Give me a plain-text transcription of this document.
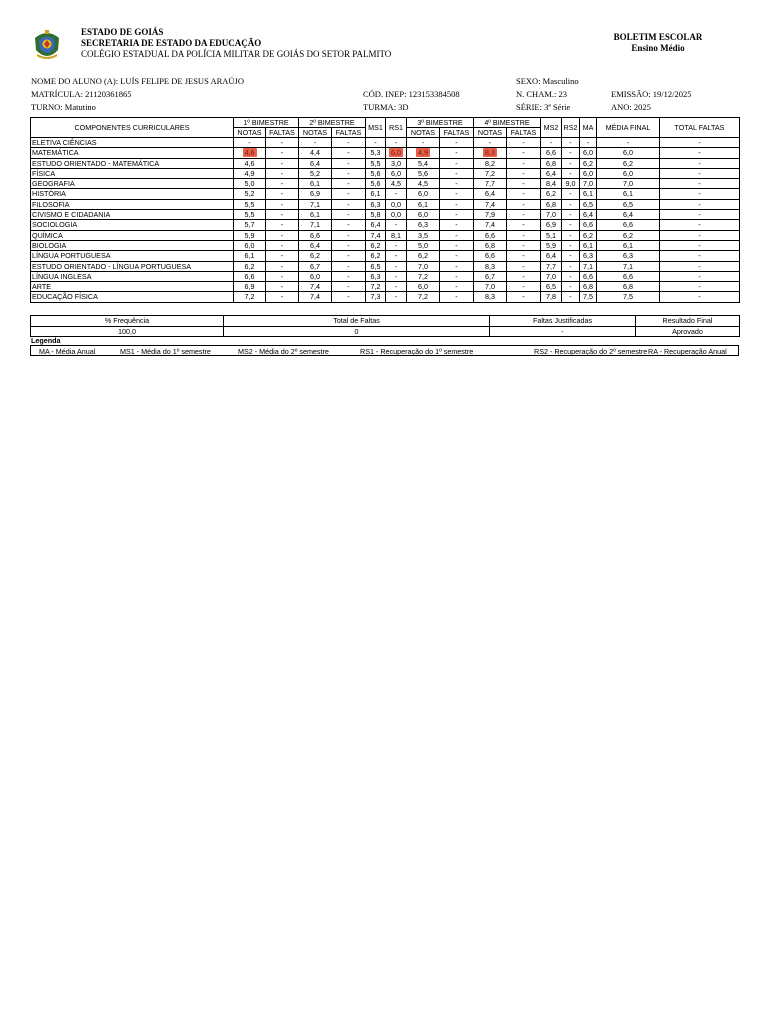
ESTADO DE GOIÁS
SECRETARIA DE ESTADO DA EDUCAÇÃO
COLÉGIO ESTADUAL DA POLÍCIA MILITAR DE GOIÁS DO SETOR PALMITO
BOLETIM ESCOLAR
Ensino Médio
NOME DO ALUNO (A): LUÍS FELIPE DE JESUS ARAÚJO	SEXO: Masculino
MATRÍCULA: 21120361865	CÓD. INEP: 123153384508	N. CHAM.: 23	EMISSÃO: 19/12/2025
TURNO: Matutino	TURMA: 3D	SÉRIE: 3ª Série	ANO: 2025
COMPONENTES CURRICULARES	1º BIMESTRE		2º BIMESTRE		MS1	RS1	3º BIMESTRE		4º BIMESTRE		MS2	RS2	MA	MÉDIA FINAL	TOTAL FALTAS
	NOTAS	FALTAS	NOTAS	FALTAS			NOTAS	FALTAS	NOTAS	FALTAS					
ELETIVA CIÊNCIAS	-	-	-	-	-	-	-	-	-	-	-	-	-	-	-
MATEMÁTICA	4,6	-	4,4	-	5,3	6,0	4,9	-	8,3	-	6,6	-	6,0	6,0	-
ESTUDO ORIENTADO - MATEMÁTICA	4,6	-	6,4	-	5,5	3,0	5,4	-	8,2	-	6,8	-	6,2	6,2	-
FÍSICA	4,9	-	5,2	-	5,6	6,0	5,6	-	7,2	-	6,4	-	6,0	6,0	-
GEOGRAFIA	5,0	-	6,1	-	5,6	4,5	4,5	-	7,7	-	8,4	9,0	7,0	7,0	-
HISTÓRIA	5,2	-	6,9	-	6,1	-	6,0	-	6,4	-	6,2	-	6,1	6,1	-
FILOSOFIA	5,5	-	7,1	-	6,3	0,0	6,1	-	7,4	-	6,8	-	6,5	6,5	-
CIVISMO E CIDADANIA	5,5	-	6,1	-	5,8	0,0	6,0	-	7,9	-	7,0	-	6,4	6,4	-
SOCIOLOGIA	5,7	-	7,1	-	6,4	-	6,3	-	7,4	-	6,9	-	6,6	6,6	-
QUÍMICA	5,9	-	6,6	-	7,4	8,1	3,5	-	6,6	-	5,1	-	6,2	6,2	-
BIOLOGIA	6,0	-	6,4	-	6,2	-	5,0	-	6,8	-	5,9	-	6,1	6,1	-
LÍNGUA PORTUGUESA	6,1	-	6,2	-	6,2	-	6,2	-	6,6	-	6,4	-	6,3	6,3	-
ESTUDO ORIENTADO - LÍNGUA PORTUGUESA	6,2	-	6,7	-	6,5	-	7,0	-	8,3	-	7,7	-	7,1	7,1	-
LÍNGUA INGLESA	6,6	-	6,0	-	6,3	-	7,2	-	6,7	-	7,0	-	6,6	6,6	-
ARTE	6,9	-	7,4	-	7,2	-	6,0	-	7,0	-	6,5	-	6,8	6,8	-
EDUCAÇÃO FÍSICA	7,2	-	7,4	-	7,3	-	7,2	-	8,3	-	7,8	-	7,5	7,5	-
% Frequência	Total de Faltas	Faltas Justificadas	Resultado Final
100,0	0	-	Aprovado
Legenda
MA - Média Anual	MS1 - Média do 1º semestre	MS2 - Média do 2º semestre	RS1 - Recuperação do 1º semestre	RS2 - Recuperação do 2º semestre RA - Recuperação Anual
